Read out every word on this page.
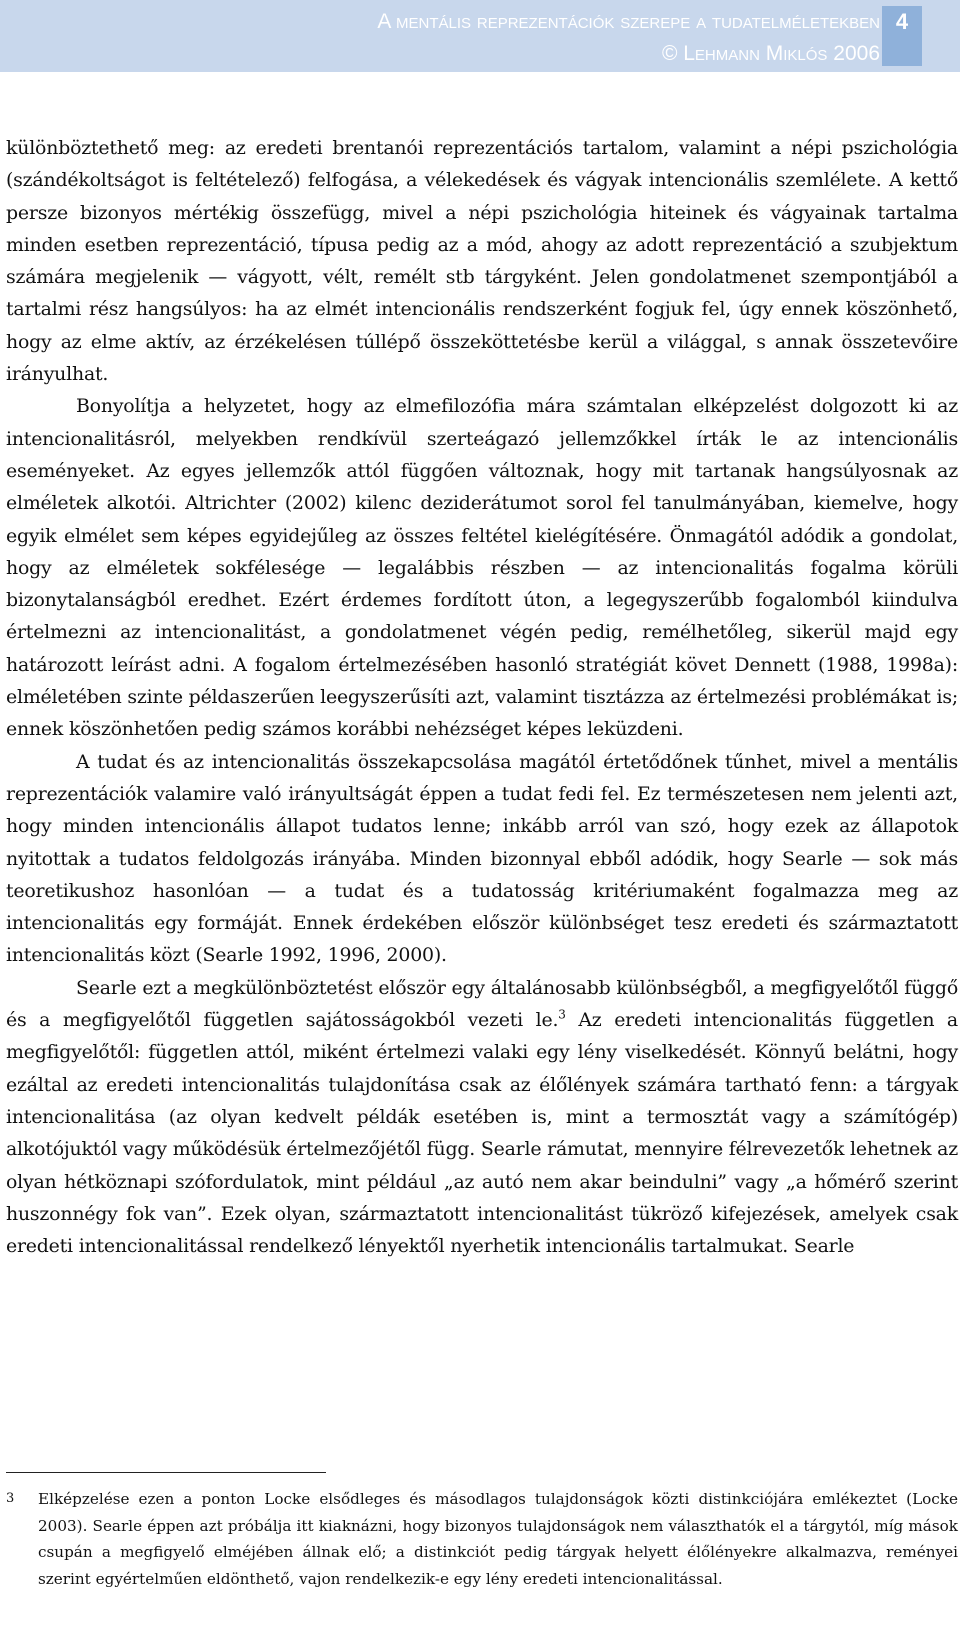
A mentális reprezentációk szerepe a tudatelméletekben
© Lehmann Miklós 2006
4

különböztethető meg: az eredeti brentanói reprezentációs tartalom, valamint a népi pszichológia (szándékoltságot is feltételező) felfogása, a vélekedések és vágyak intencionális szemlélete. A kettő persze bizonyos mértékig összefügg, mivel a népi pszichológia hiteinek és vágyainak tartalma minden esetben reprezentáció, típusa pedig az a mód, ahogy az adott reprezentáció a szubjektum számára megjelenik — vágyott, vélt, remélt stb tárgyként. Jelen gondolatmenet szempontjából a tartalmi rész hangsúlyos: ha az elmét intencionális rendszerként fogjuk fel, úgy ennek köszönhető, hogy az elme aktív, az érzékelésen túllépő összeköttetésbe kerül a világgal, s annak összetevőire irányulhat.

Bonyolítja a helyzetet, hogy az elmefilozófia mára számtalan elképzelést dolgozott ki az intencionalitásról, melyekben rendkívül szerteágazó jellemzőkkel írták le az intencionális eseményeket. Az egyes jellemzők attól függően változnak, hogy mit tartanak hangsúlyosnak az elméletek alkotói. Altrichter (2002) kilenc deziderátumot sorol fel tanulmányában, kiemelve, hogy egyik elmélet sem képes egyidejűleg az összes feltétel kielégítésére. Önmagától adódik a gondolat, hogy az elméletek sokfélesége — legalábbis részben — az intencionalitás fogalma körüli bizonytalanságból eredhet. Ezért érdemes fordított úton, a legegyszerűbb fogalomból kiindulva értelmezni az intencionalitást, a gondolatmenet végén pedig, remélhetőleg, sikerül majd egy határozott leírást adni. A fogalom értelmezésében hasonló stratégiát követ Dennett (1988, 1998a): elméletében szinte példaszerűen leegyszerűsíti azt, valamint tisztázza az értelmezési problémákat is; ennek köszönhetően pedig számos korábbi nehézséget képes leküzdeni.

A tudat és az intencionalitás összekapcsolása magától értetődőnek tűnhet, mivel a mentális reprezentációk valamire való irányultságát éppen a tudat fedi fel. Ez természetesen nem jelenti azt, hogy minden intencionális állapot tudatos lenne; inkább arról van szó, hogy ezek az állapotok nyitottak a tudatos feldolgozás irányába. Minden bizonnyal ebből adódik, hogy Searle — sok más teoretikushoz hasonlóan — a tudat és a tudatosság kritériumaként fogalmazza meg az intencionalitás egy formáját. Ennek érdekében először különbséget tesz eredeti és származtatott intencionalitás közt (Searle 1992, 1996, 2000).

Searle ezt a megkülönböztetést először egy általánosabb különbségből, a megfigyelőtől függő és a megfigyelőtől független sajátosságokból vezeti le.$^3$ Az eredeti intencionalitás független a megfigyelőtől: független attól, miként értelmezi valaki egy lény viselkedését. Könnyű belátni, hogy ezáltal az eredeti intencionalitás tulajdonítása csak az élőlények számára tartható fenn: a tárgyak intencionalitása (az olyan kedvelt példák esetében is, mint a termosztát vagy a számítógép) alkotójuktól vagy működésük értelmezőjétől függ. Searle rámutat, mennyire félrevezetők lehetnek az olyan hétköznapi szófordulatok, mint például „az autó nem akar beindulni” vagy „a hőmérő szerint huszonnégy fok van”. Ezek olyan, származtatott intencionalitást tükröző kifejezések, amelyek csak eredeti intencionalitással rendelkező lényektől nyerhetik intencionális tartalmukat. Searle

3 Elképzelése ezen a ponton Locke elsődleges és másodlagos tulajdonságok közti distinkciójára emlékeztet (Locke 2003). Searle éppen azt próbálja itt kiaknázni, hogy bizonyos tulajdonságok nem választhatók el a tárgytól, míg mások csupán a megfigyelő elméjében állnak elő; a distinkciót pedig tárgyak helyett élőlényekre alkalmazva, reményei szerint egyértelműen eldönthető, vajon rendelkezik-e egy lény eredeti intencionalitással.
